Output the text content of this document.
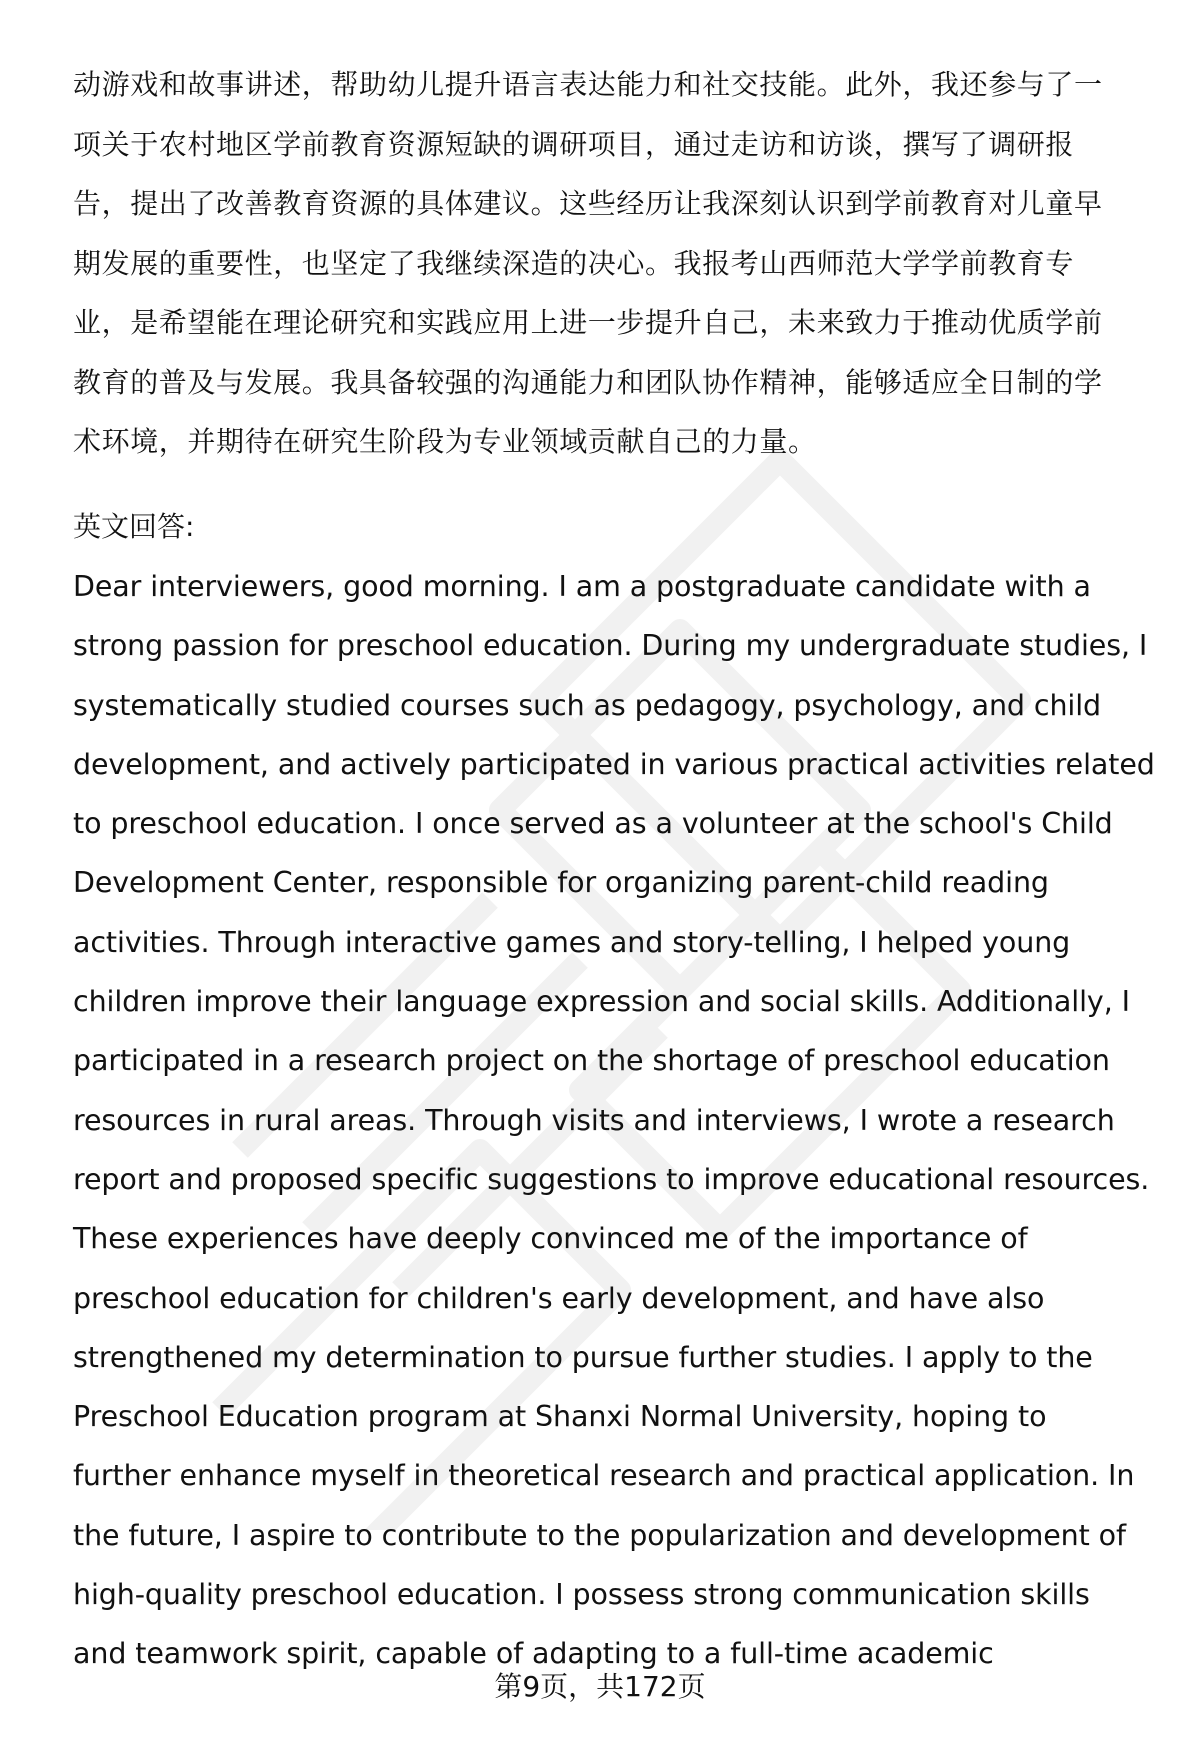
动游戏和故事讲述，帮助幼儿提升语言表达能力和社交技能。此外，我还参与了一
项关于农村地区学前教育资源短缺的调研项目，通过走访和访谈，撰写了调研报
告，提出了改善教育资源的具体建议。这些经历让我深刻认识到学前教育对儿童早
期发展的重要性，也坚定了我继续深造的决心。我报考山西师范大学学前教育专
业，是希望能在理论研究和实践应用上进一步提升自己，未来致力于推动优质学前
教育的普及与发展。我具备较强的沟通能力和团队协作精神，能够适应全日制的学
术环境，并期待在研究生阶段为专业领域贡献自己的力量。
英文回答:
Dear interviewers, good morning. I am a postgraduate candidate with a
strong passion for preschool education. During my undergraduate studies, I
systematically studied courses such as pedagogy, psychology, and child
development, and actively participated in various practical activities related
to preschool education. I once served as a volunteer at the school's Child
Development Center, responsible for organizing parent-child reading
activities. Through interactive games and story-telling, I helped young
children improve their language expression and social skills. Additionally, I
participated in a research project on the shortage of preschool education
resources in rural areas. Through visits and interviews, I wrote a research
report and proposed specific suggestions to improve educational resources.
These experiences have deeply convinced me of the importance of
preschool education for children's early development, and have also
strengthened my determination to pursue further studies. I apply to the
Preschool Education program at Shanxi Normal University, hoping to
further enhance myself in theoretical research and practical application. In
the future, I aspire to contribute to the popularization and development of
high-quality preschool education. I possess strong communication skills
and teamwork spirit, capable of adapting to a full-time academic
第9页，共172页
